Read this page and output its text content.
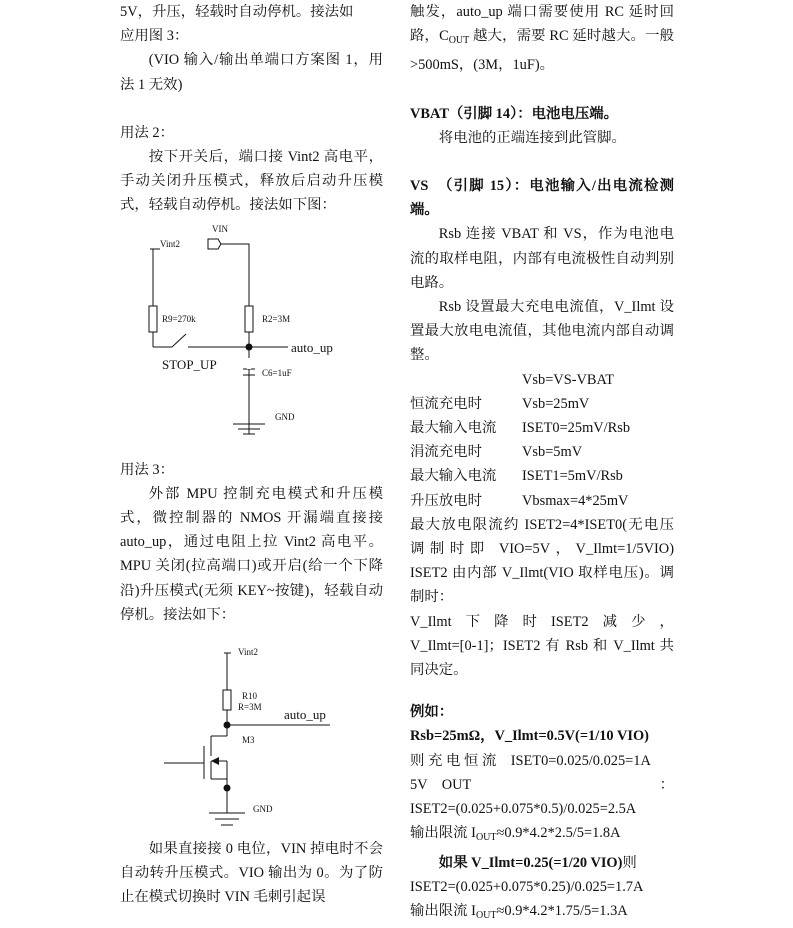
5V，升压，轻载时自动停机。接法如

应用图 3：

(VIO 输入/输出单端口方案图 1，用法 1 无效)

用法 2：

按下开关后，端口接 Vint2 高电平，手动关闭升压模式，释放后启动升压模式，轻载自动停机。接法如下图：

VIN
Vint2
R9=270k	R2=3M
auto_up
STOP_UP
C6=1uF
GND

用法 3：

外部 MPU 控制充电模式和升压模式，微控制器的 NMOS 开漏端直接接 auto_up，通过电阻上拉 Vint2 高电平。MPU 关闭(拉高端口)或开启(给一个下降沿)升压模式(无须 KEY~按键)，轻载自动停机。接法如下：

Vint2
R10
R=3M auto_up
M3
GND

如果直接接 0 电位，VIN 掉电时不会自动转升压模式。VIO 输出为 0。为了防止在模式切换时 VIN 毛刺引起误

触发，auto_up 端口需要使用 RC 延时回路，$C_{OUT}$ 越大，需要 RC 延时越大。一般>500mS，(3M，1uF)。

VBAT（引脚 14）：电池电压端。

将电池的正端连接到此管脚。

VS　（引脚 15）：电池输入/出电流检测端。

Rsb 连接 VBAT 和 VS，作为电池电流的取样电阻，内部有电流极性自动判别电路。

Rsb 设置最大充电电流值，V_Ilmt 设置最大放电电流值，其他电流内部自动调整。

Vsb=VS-VBAT
恒流充电时	Vsb=25mV
最大输入电流	ISET0=25mV/Rsb
涓流充电时	Vsb=5mV
最大输入电流	ISET1=5mV/Rsb
升压放电时	Vbsmax=4*25mV

最大放电限流约 ISET2=4*ISET0(无电压调制时即 VIO=5V，V_Ilmt=1/5VIO) ISET2 由内部 V_Ilmt(VIO 取样电压)。调制时：

V_Ilmt 下 降 时 ISET2 减 少 ，

V_Ilmt=[0-1]；ISET2 有 Rsb 和 V_Ilmt 共同决定。

例如：

Rsb=25mΩ，V_Ilmt=0.5V(=1/10 VIO)

则 充 电 恒 流　ISET0=0.025/0.025=1A

5V　OUT	：

ISET2=(0.025+0.075*0.5)/0.025=2.5A

输出限流 $I_{OUT}\approx 0.9*4.2*2.5/5=1.8A$

如果 V_Ilmt=0.25(=1/20 VIO)则

ISET2=(0.025+0.075*0.25)/0.025=1.7A

输出限流 $I_{OUT}\approx 0.9*4.2*1.75/5=1.3A$
